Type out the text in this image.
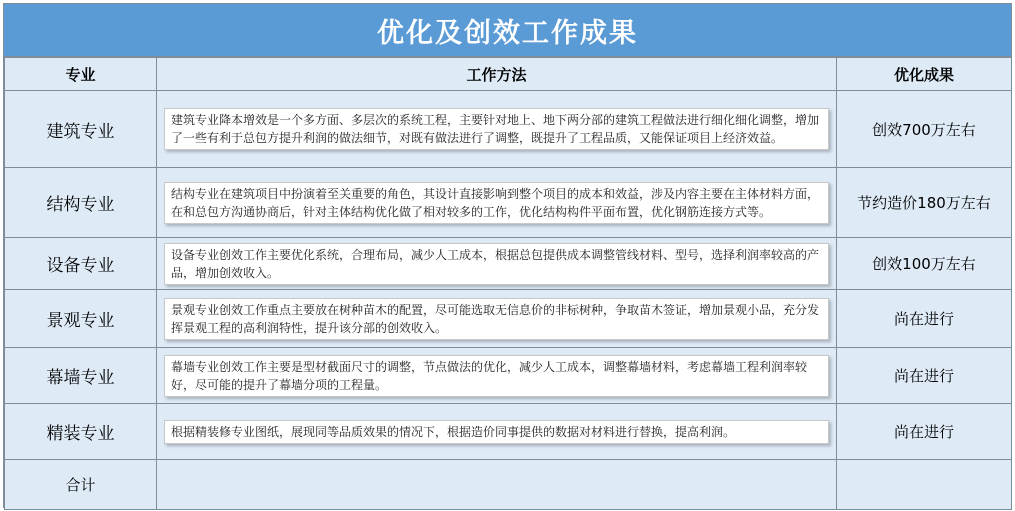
优化及创效工作成果
专业	工作方法	优化成果
建筑专业	建筑专业降本增效是一个多方面、多层次的系统工程，主要针对地上、地下两分部的建筑工程做法进行细化细化调整，增加了一些有利于总包方提升利润的做法细节，对既有做法进行了调整，既提升了工程品质，又能保证项目上经济效益。	创效700万左右
结构专业	结构专业在建筑项目中扮演着至关重要的角色，其设计直接影响到整个项目的成本和效益，涉及内容主要在主体材料方面，在和总包方沟通协商后，针对主体结构优化做了相对较多的工作，优化结构构件平面布置，优化钢筋连接方式等。	节约造价180万左右
设备专业	设备专业创效工作主要优化系统，合理布局，减少人工成本，根据总包提供成本调整管线材料、型号，选择利润率较高的产品，增加创效收入。	创效100万左右
景观专业	景观专业创效工作重点主要放在树种苗木的配置，尽可能选取无信息价的非标树种，争取苗木签证，增加景观小品，充分发挥景观工程的高利润特性，提升该分部的创效收入。	尚在进行
幕墙专业	幕墙专业创效工作主要是型材截面尺寸的调整，节点做法的优化，减少人工成本，调整幕墙材料，考虑幕墙工程利润率较好，尽可能的提升了幕墙分项的工程量。	尚在进行
精装专业	根据精装修专业图纸，展现同等品质效果的情况下，根据造价同事提供的数据对材料进行替换，提高利润。	尚在进行
合计		
